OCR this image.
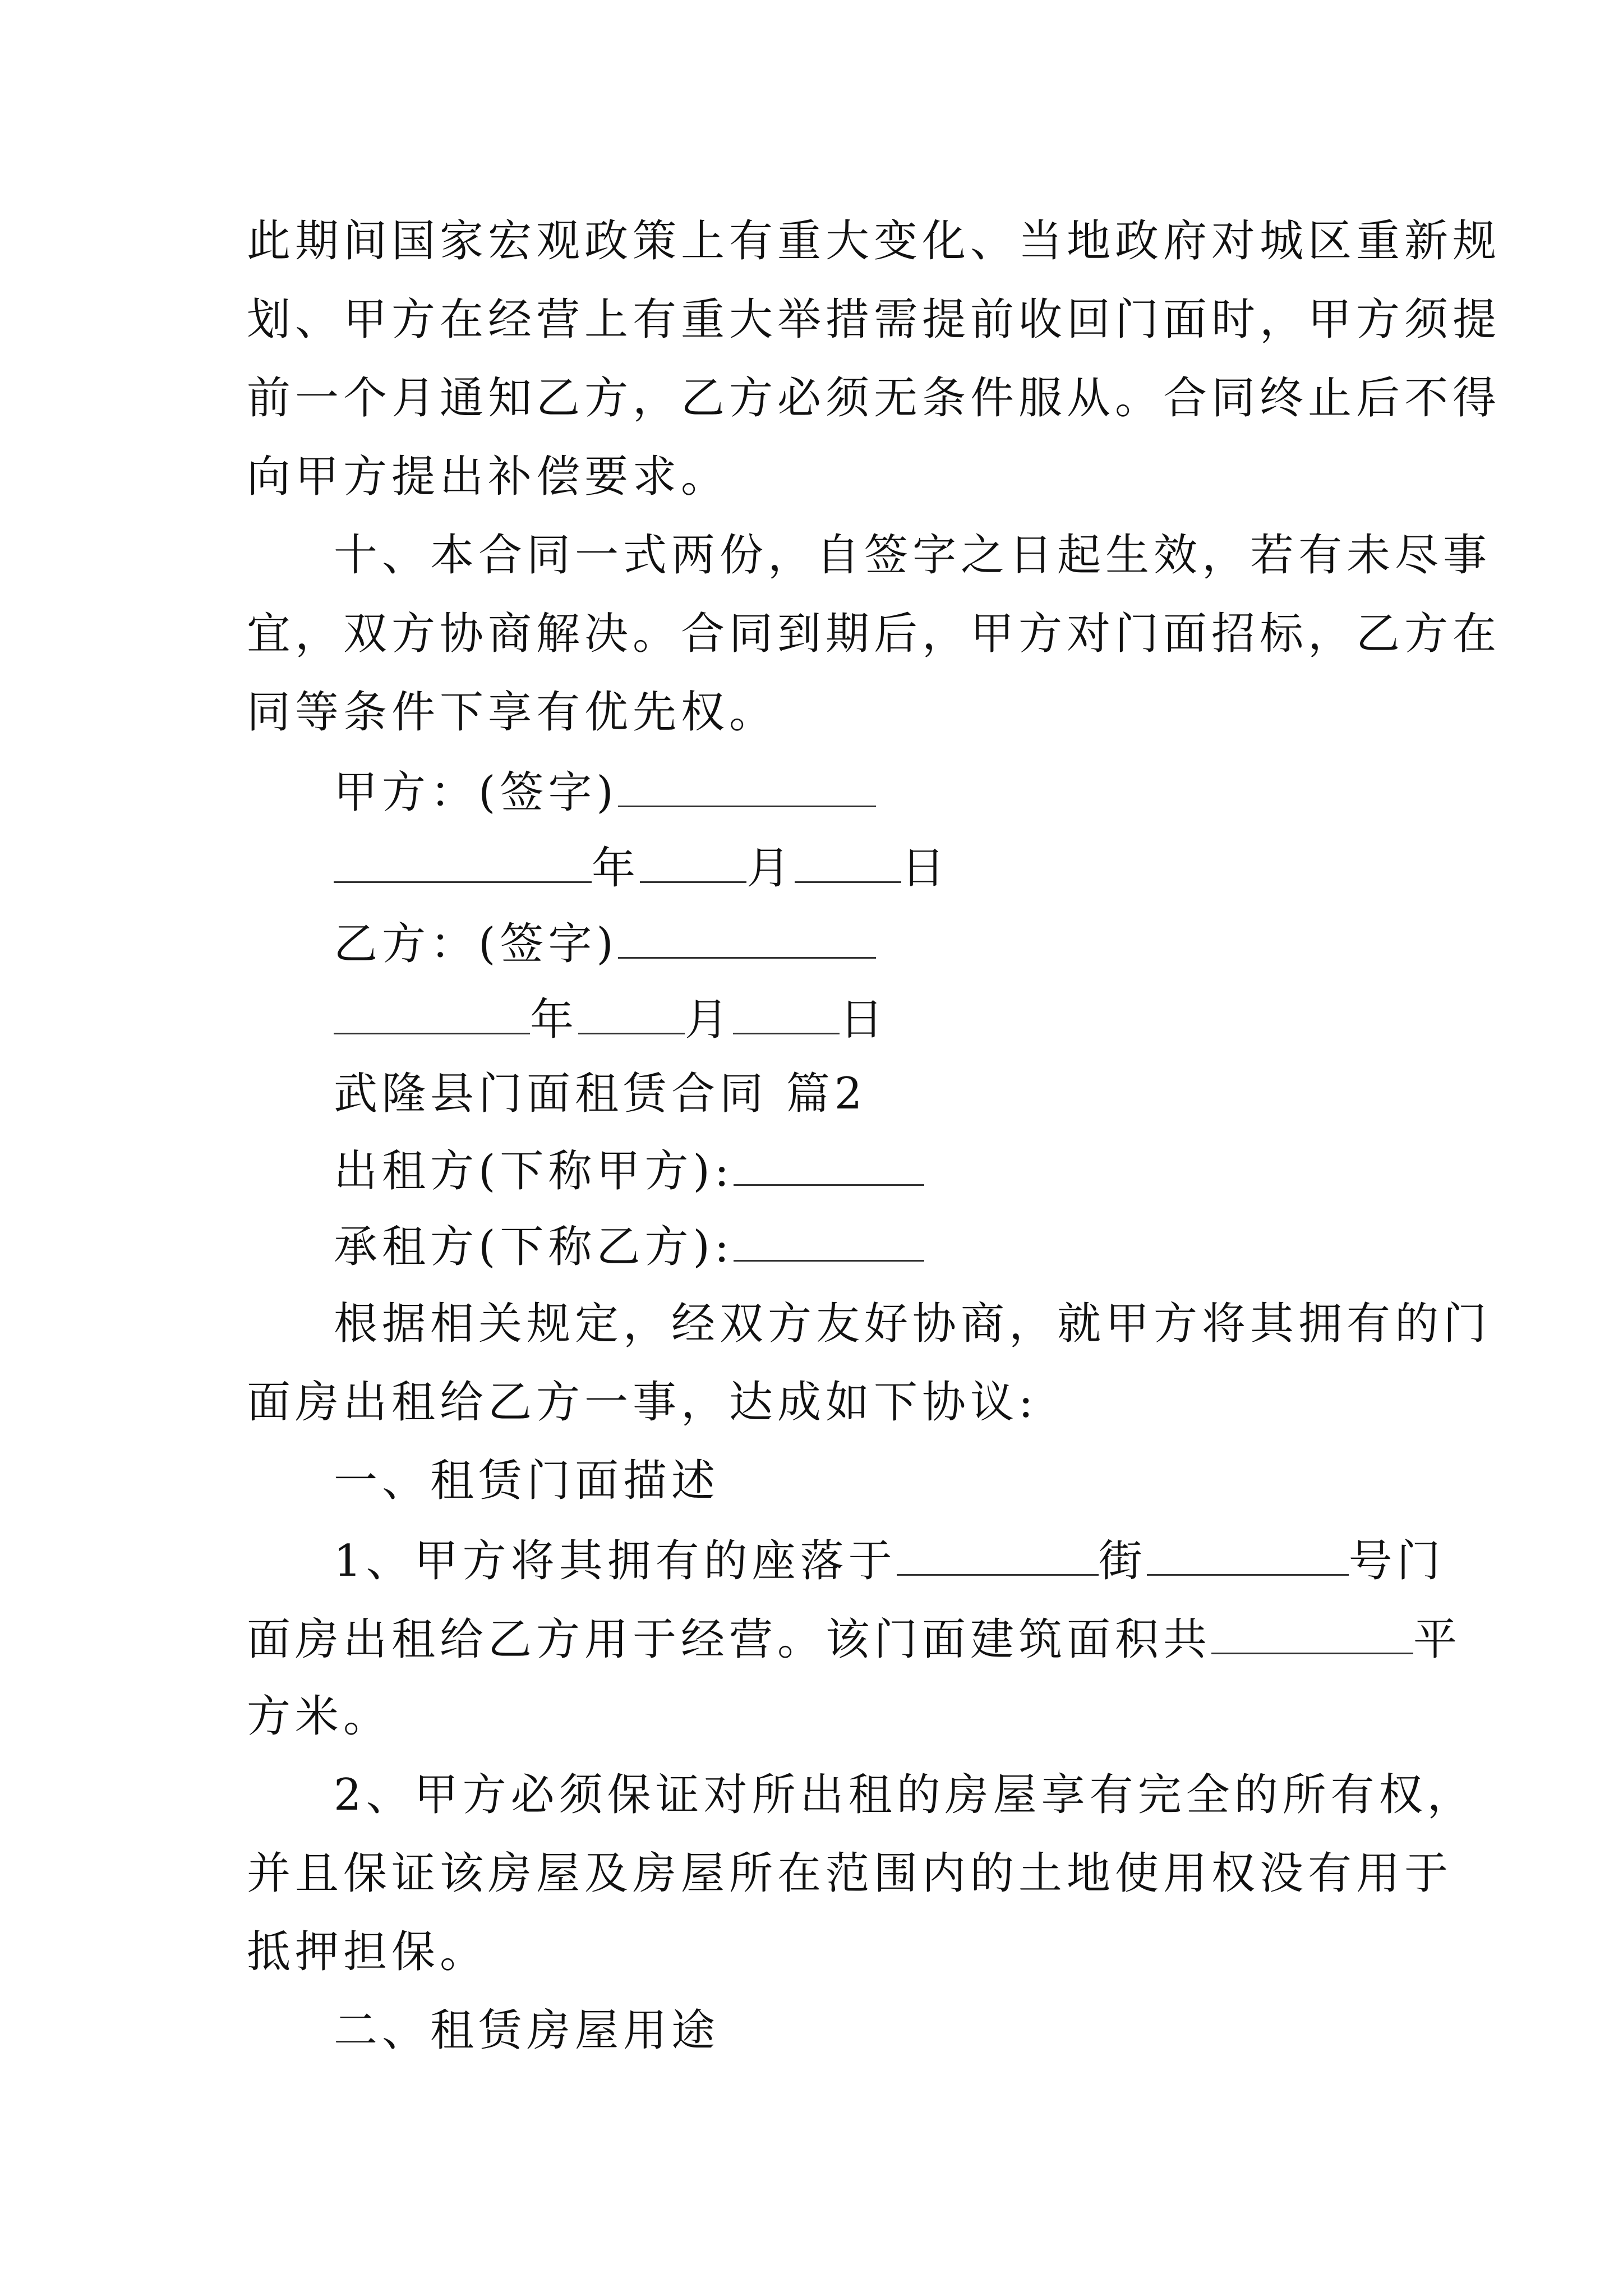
此期间国家宏观政策上有重大变化、当地政府对城区重新规
划、甲方在经营上有重大举措需提前收回门面时，甲方须提
前一个月通知乙方，乙方必须无条件服从。合同终止后不得
向甲方提出补偿要求。
十、本合同一式两份，自签字之日起生效，若有未尽事
宜，双方协商解决。合同到期后，甲方对门面招标，乙方在
同等条件下享有优先权。
甲方：(签字)
年 月 日
乙方：(签字)
年 月 日
武隆县门面租赁合同 篇2
出租方(下称甲方):
承租方(下称乙方):
根据相关规定，经双方友好协商，就甲方将其拥有的门
面房出租给乙方一事，达成如下协议:
一、租赁门面描述
1、甲方将其拥有的座落于	街	号门
面房出租给乙方用于经营。该门面建筑面积共	平
方米。
2、甲方必须保证对所出租的房屋享有完全的所有权，
并且保证该房屋及房屋所在范围内的土地使用权没有用于
抵押担保。
二、租赁房屋用途
